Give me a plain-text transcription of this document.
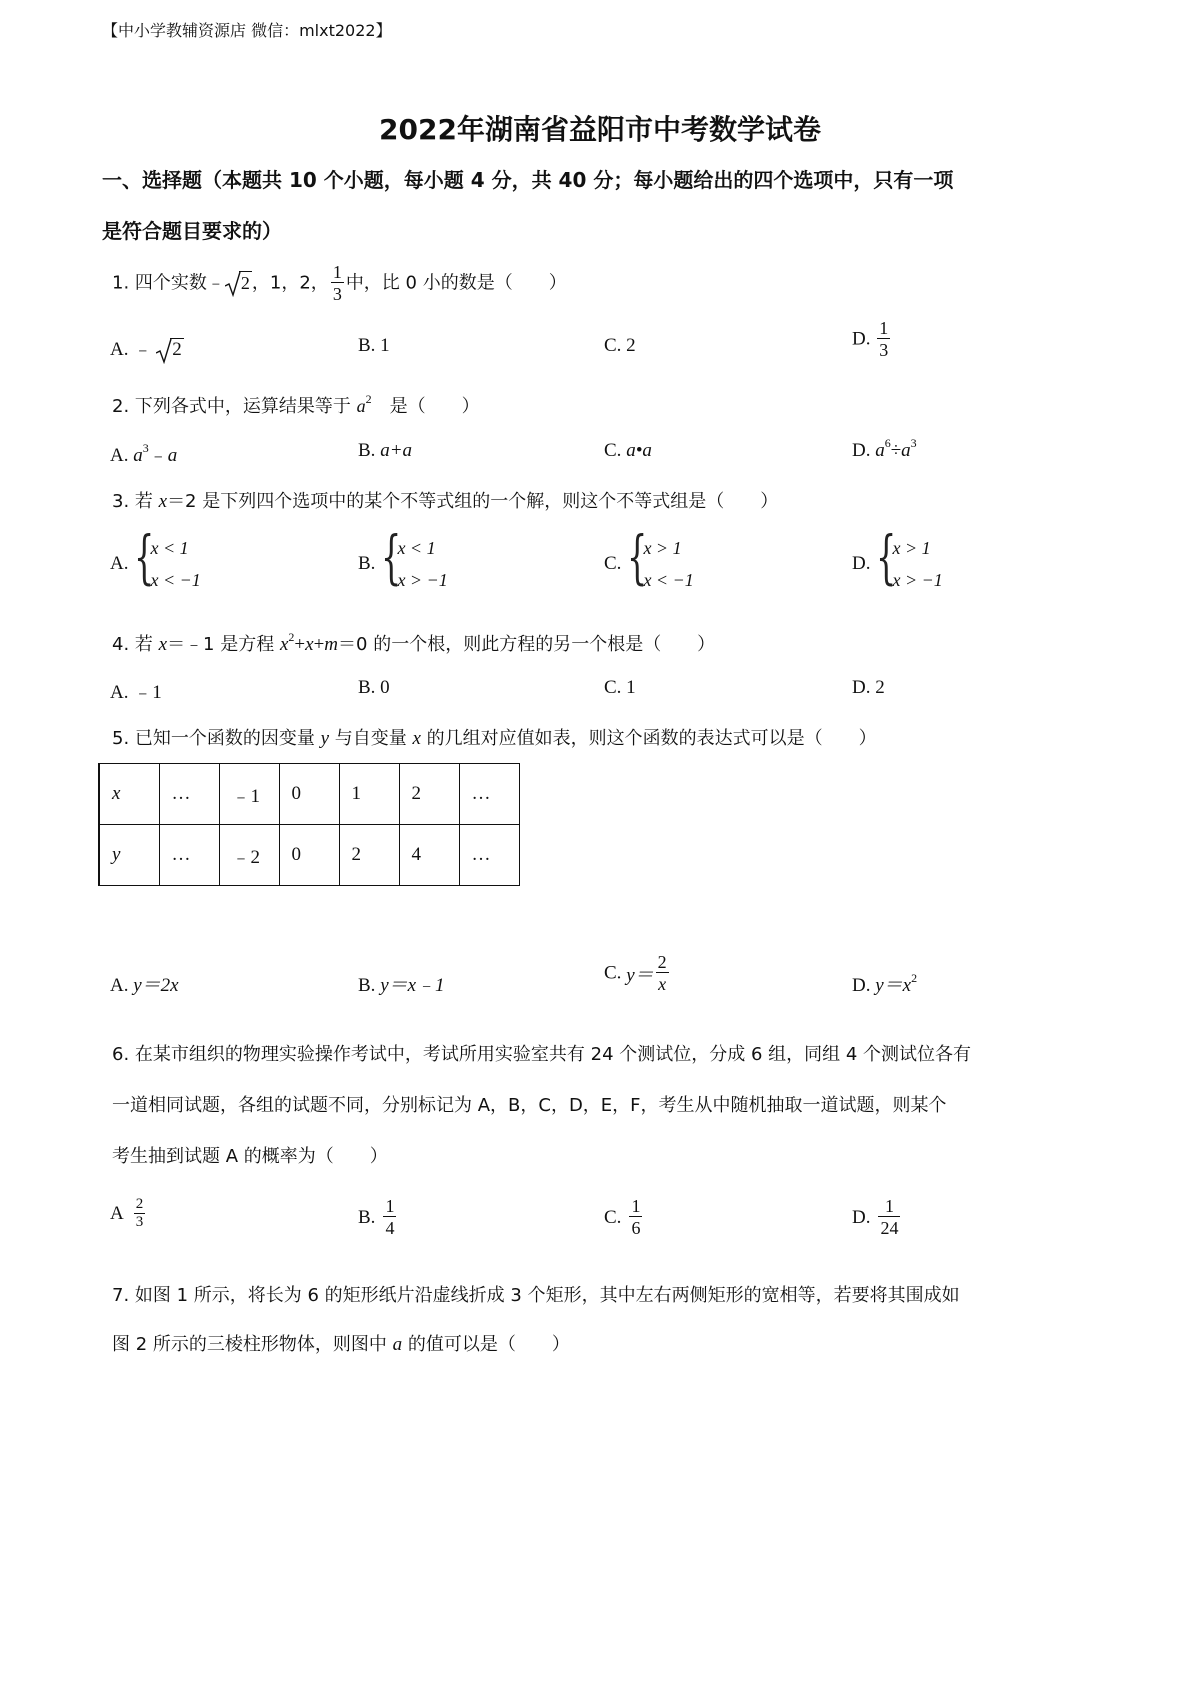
【中小学教辅资源店 微信：mlxt2022】
2022年湖南省益阳市中考数学试卷
一、选择题（本题共 10 个小题，每小题 4 分，共 40 分；每小题给出的四个选项中，只有一项
是符合题目要求的）
1. 四个实数﹣ 2 ，1，2， $\frac{1}{3}$ 中，比 0 小的数是（　　）
A. ﹣ 2	B. 1	C. 2	D. $\frac{1}{3}$
2. 下列各式中，运算结果等于 $a^2$　是（　　）
A. $a^3﹣a$	B. a+a	C. a•a	D. $a^6\div a^3$
3. 若 x＝2 是下列四个选项中的某个不等式组的一个解，则这个不等式组是（　　）
A. {
x < 1
x < −1
B. {
x < 1
x > −1
C. {
x > 1
x < −1
D. {
x > 1
x > −1
4. 若 x＝﹣1 是方程 $x^2+x+m=0$ 的一个根，则此方程的另一个根是（　　）
A. ﹣1	B. 0	C. 1	D. 2
5. 已知一个函数的因变量 y 与自变量 x 的几组对应值如表，则这个函数的表达式可以是（　　）
x	…	﹣1	0	1	2	…
y	…	﹣2	0	2	4	…
A. y＝2x	B. y＝x﹣1
C. $y= \frac{2}{x}$	D. $y=x^2$
6. 在某市组织的物理实验操作考试中，考试所用实验室共有 24 个测试位，分成 6 组，同组 4 个测试位各有
一道相同试题，各组的试题不同，分别标记为 A，B，C，D，E，F，考生从中随机抽取一道试题，则某个
考生抽到试题 A 的概率为（　　）
A $\frac{2}{3}$	B. $\frac{1}{4}$	C. $\frac{1}{6}$	D. $\frac{1}{24}$
7. 如图 1 所示，将长为 6 的矩形纸片沿虚线折成 3 个矩形，其中左右两侧矩形的宽相等，若要将其围成如
图 2 所示的三棱柱形物体，则图中 a 的值可以是（　　）
